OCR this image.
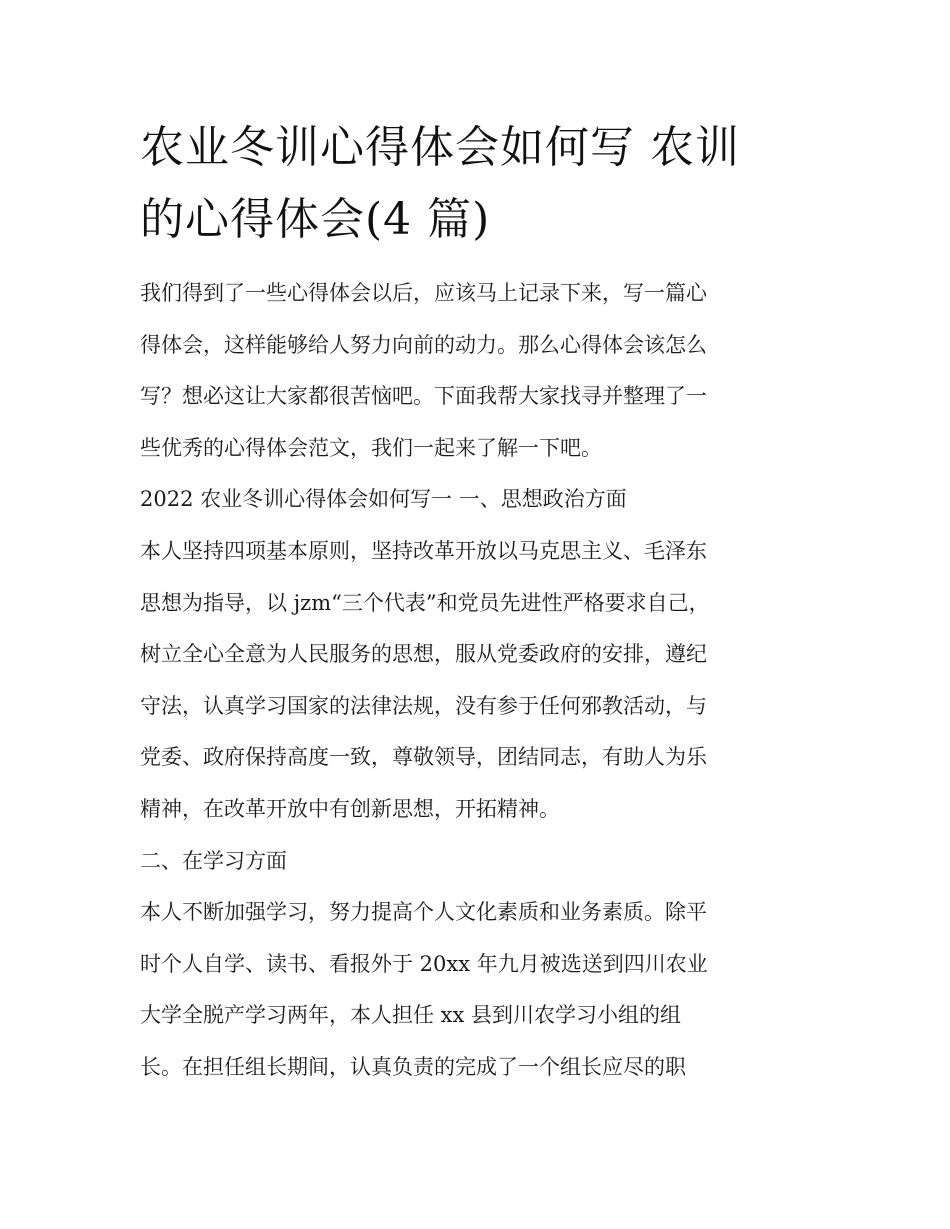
农业冬训心得体会如何写 农训
的心得体会(4 篇)
我们得到了一些心得体会以后，应该马上记录下来，写一篇心
得体会，这样能够给人努力向前的动力。那么心得体会该怎么
写？想必这让大家都很苦恼吧。下面我帮大家找寻并整理了一
些优秀的心得体会范文，我们一起来了解一下吧。
2022 农业冬训心得体会如何写一 一、思想政治方面
本人坚持四项基本原则，坚持改革开放以马克思主义、毛泽东
思想为指导，以 jzm“三个代表”和党员先进性严格要求自己，
树立全心全意为人民服务的思想，服从党委政府的安排，遵纪
守法，认真学习国家的法律法规，没有参于任何邪教活动，与
党委、政府保持高度一致，尊敬领导，团结同志，有助人为乐
精神，在改革开放中有创新思想，开拓精神。
二、在学习方面
本人不断加强学习，努力提高个人文化素质和业务素质。除平
时个人自学、读书、看报外于 20xx 年九月被选送到四川农业
大学全脱产学习两年，本人担任 xx 县到川农学习小组的组
长。在担任组长期间，认真负责的完成了一个组长应尽的职
